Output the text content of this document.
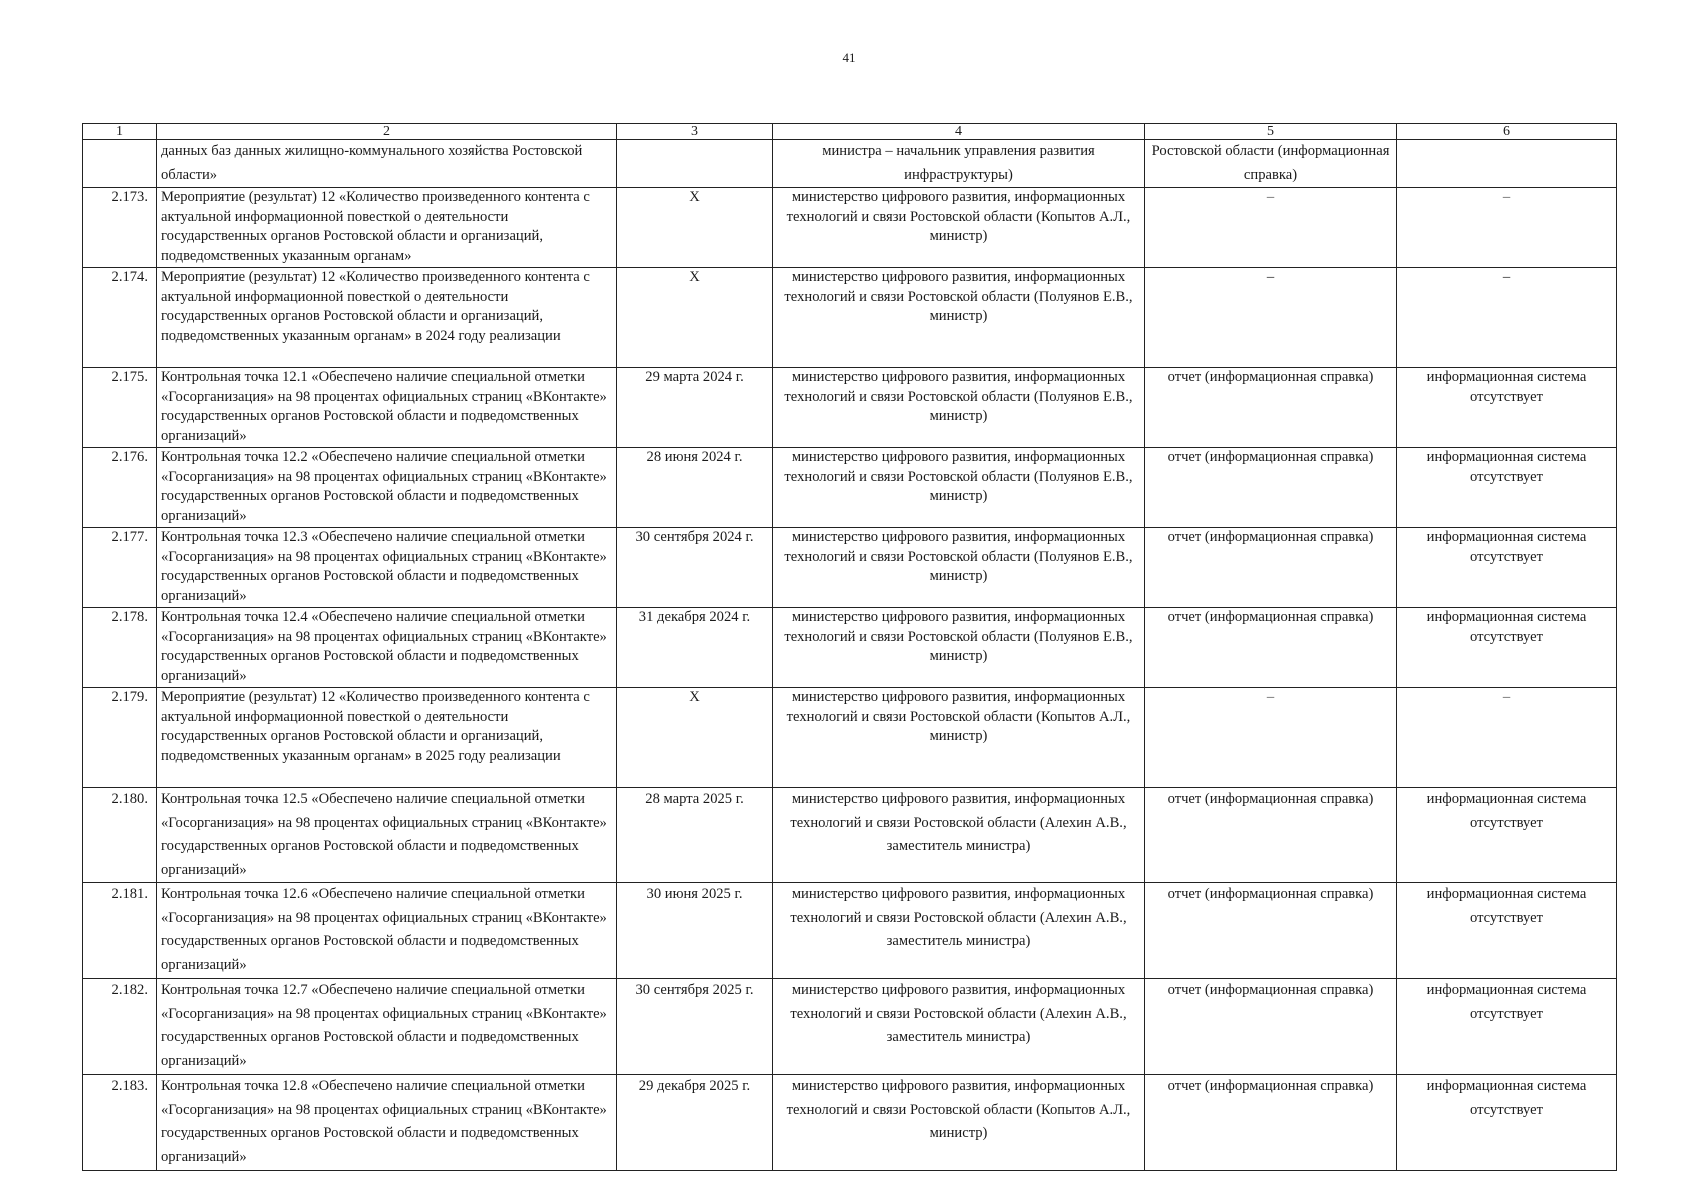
41
1	2	3	4	5	6
	данных баз данных жилищно-коммунального хозяйства Ростовской области»		министра – начальник управления развития инфраструктуры)	Ростовской области (информационная справка)	
2.173.	Мероприятие (результат) 12 «Количество произведенного контента с актуальной информационной повесткой о деятельности государственных органов Ростовской области и организаций, подведомственных указанным органам»	Х	министерство цифрового развития, информационных технологий и связи Ростовской области (Копытов А.Л., министр)	–	–
2.174.	Мероприятие (результат) 12 «Количество произведенного контента с актуальной информационной повесткой о деятельности государственных органов Ростовской области и организаций, подведомственных указанным органам» в 2024 году реализации	Х	министерство цифрового развития, информационных технологий и связи Ростовской области (Полуянов Е.В., министр)	–	–
2.175.	Контрольная точка 12.1 «Обеспечено наличие специальной отметки «Госорганизация» на 98 процентах официальных страниц «ВКонтакте» государственных органов Ростовской области и подведомственных организаций»	29 марта 2024 г.	министерство цифрового развития, информационных технологий и связи Ростовской области (Полуянов Е.В., министр)	отчет (информационная справка)	информационная система отсутствует
2.176.	Контрольная точка 12.2 «Обеспечено наличие специальной отметки «Госорганизация» на 98 процентах официальных страниц «ВКонтакте» государственных органов Ростовской области и подведомственных организаций»	28 июня 2024 г.	министерство цифрового развития, информационных технологий и связи Ростовской области (Полуянов Е.В., министр)	отчет (информационная справка)	информационная система отсутствует
2.177.	Контрольная точка 12.3 «Обеспечено наличие специальной отметки «Госорганизация» на 98 процентах официальных страниц «ВКонтакте» государственных органов Ростовской области и подведомственных организаций»	30 сентября 2024 г.	министерство цифрового развития, информационных технологий и связи Ростовской области (Полуянов Е.В., министр)	отчет (информационная справка)	информационная система отсутствует
2.178.	Контрольная точка 12.4 «Обеспечено наличие специальной отметки «Госорганизация» на 98 процентах официальных страниц «ВКонтакте» государственных органов Ростовской области и подведомственных организаций»	31 декабря 2024 г.	министерство цифрового развития, информационных технологий и связи Ростовской области (Полуянов Е.В., министр)	отчет (информационная справка)	информационная система отсутствует
2.179.	Мероприятие (результат) 12 «Количество произведенного контента с актуальной информационной повесткой о деятельности государственных органов Ростовской области и организаций, подведомственных указанным органам» в 2025 году реализации	Х	министерство цифрового развития, информационных технологий и связи Ростовской области (Копытов А.Л., министр)	–	–
2.180.	Контрольная точка 12.5 «Обеспечено наличие специальной отметки «Госорганизация» на 98 процентах официальных страниц «ВКонтакте» государственных органов Ростовской области и подведомственных организаций»	28 марта 2025 г.	министерство цифрового развития, информационных технологий и связи Ростовской области (Алехин А.В., заместитель министра)	отчет (информационная справка)	информационная система отсутствует
2.181.	Контрольная точка 12.6 «Обеспечено наличие специальной отметки «Госорганизация» на 98 процентах официальных страниц «ВКонтакте» государственных органов Ростовской области и подведомственных организаций»	30 июня 2025 г.	министерство цифрового развития, информационных технологий и связи Ростовской области (Алехин А.В., заместитель министра)	отчет (информационная справка)	информационная система отсутствует
2.182.	Контрольная точка 12.7 «Обеспечено наличие специальной отметки «Госорганизация» на 98 процентах официальных страниц «ВКонтакте» государственных органов Ростовской области и подведомственных организаций»	30 сентября 2025 г.	министерство цифрового развития, информационных технологий и связи Ростовской области (Алехин А.В., заместитель министра)	отчет (информационная справка)	информационная система отсутствует
2.183.	Контрольная точка 12.8 «Обеспечено наличие специальной отметки «Госорганизация» на 98 процентах официальных страниц «ВКонтакте» государственных органов Ростовской области и подведомственных организаций»	29 декабря 2025 г.	министерство цифрового развития, информационных технологий и связи Ростовской области (Копытов А.Л., министр)	отчет (информационная справка)	информационная система отсутствует
